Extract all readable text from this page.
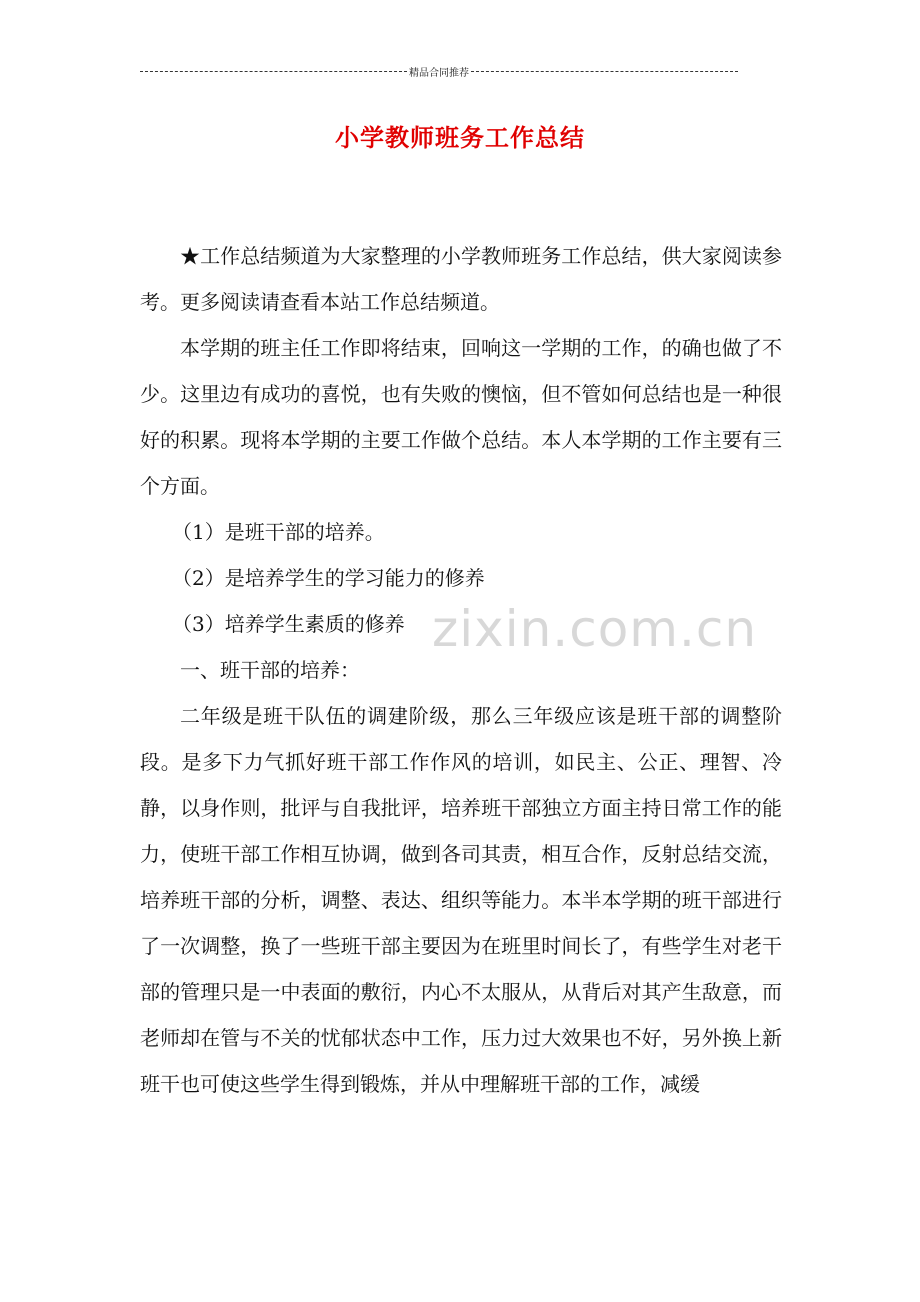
精品合同推荐
小学教师班务工作总结
zixin.com.cn

★工作总结频道为大家整理的小学教师班务工作总结，供大家阅读参考。更多阅读请查看本站工作总结频道。

本学期的班主任工作即将结束，回响这一学期的工作，的确也做了不少。这里边有成功的喜悦，也有失败的懊恼，但不管如何总结也是一种很好的积累。现将本学期的主要工作做个总结。本人本学期的工作主要有三个方面。

（1）是班干部的培养。

（2）是培养学生的学习能力的修养

（3）培养学生素质的修养

一、班干部的培养：

二年级是班干队伍的调建阶级，那么三年级应该是班干部的调整阶段。是多下力气抓好班干部工作作风的培训，如民主、公正、理智、冷静，以身作则，批评与自我批评，培养班干部独立方面主持日常工作的能力，使班干部工作相互协调，做到各司其责，相互合作，反射总结交流，培养班干部的分析，调整、表达、组织等能力。本半本学期的班干部进行了一次调整，换了一些班干部主要因为在班里时间长了，有些学生对老干部的管理只是一中表面的敷衍，内心不太服从，从背后对其产生敌意，而老师却在管与不关的忧郁状态中工作，压力过大效果也不好，另外换上新班干也可使这些学生得到锻炼，并从中理解班干部的工作，减缓
